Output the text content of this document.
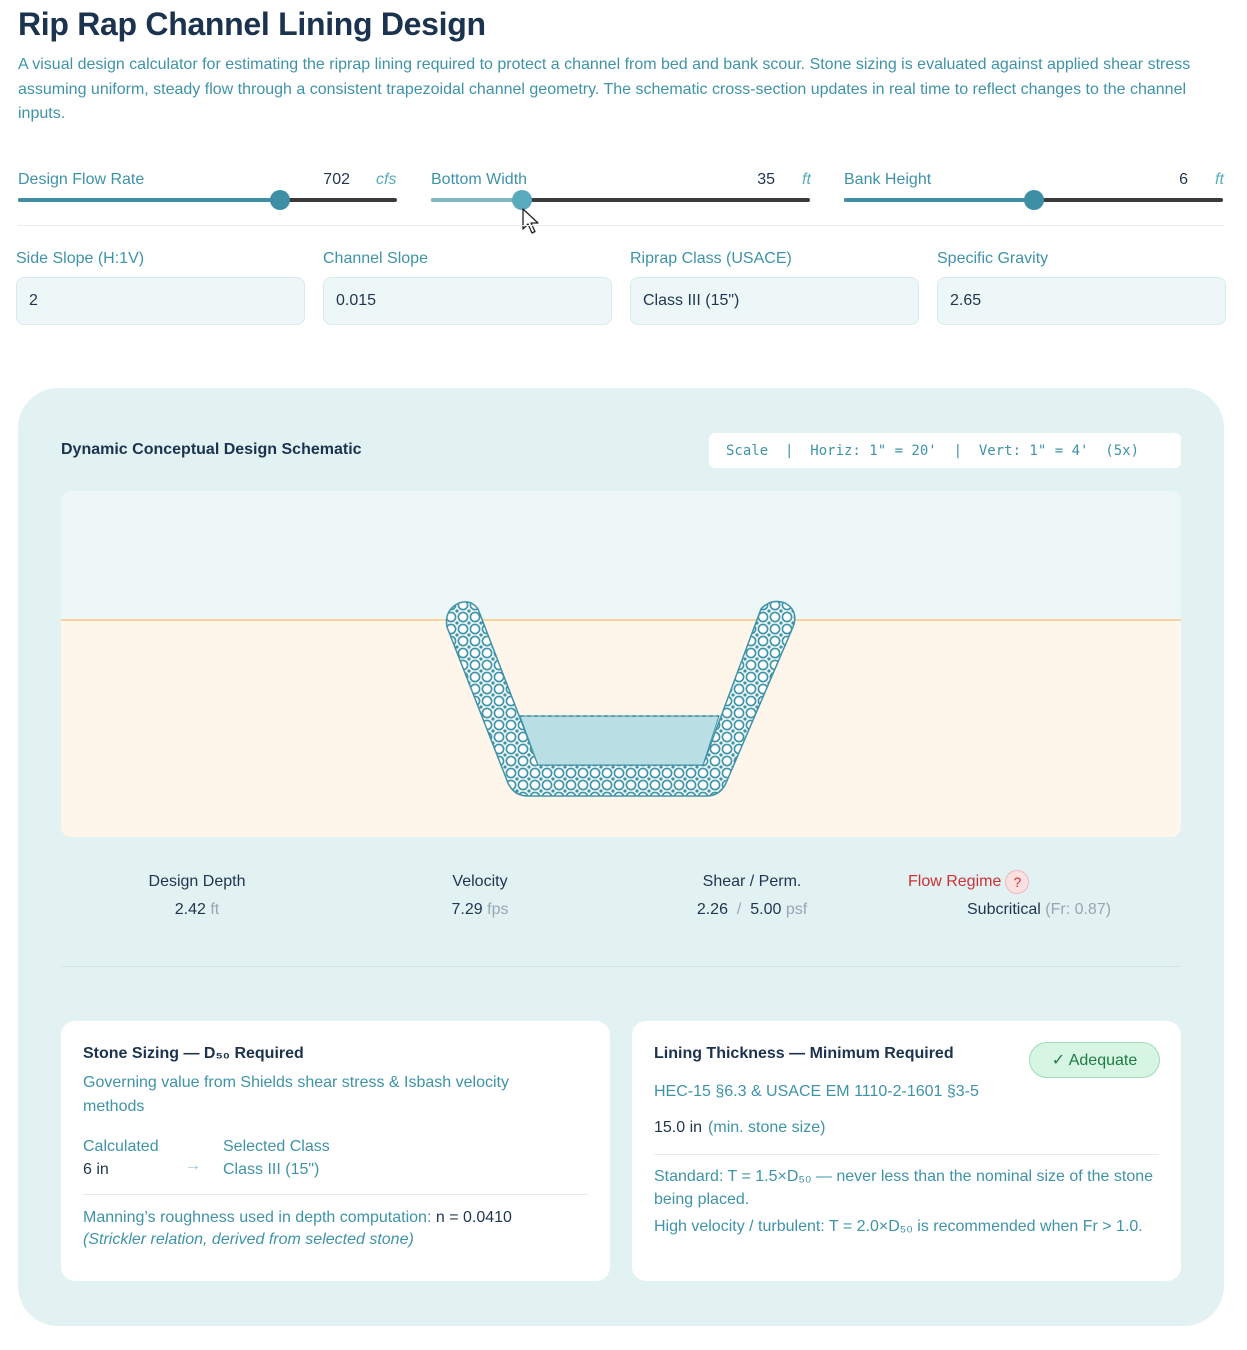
Rip Rap Channel Lining Design

A visual design calculator for estimating the riprap lining required to protect a channel from bed and bank scour. Stone sizing is evaluated against applied shear stress assuming uniform, steady flow through a consistent trapezoidal channel geometry. The schematic cross-section updates in real time to reflect changes to the channel inputs.

Design Flow Rate	702 cfs Bottom Width	35 ft Bank Height	6 ft
Side Slope (H:1V)
2
Channel Slope
0.015
Riprap Class (USACE)
Class III (15")
Specific Gravity
2.65
Dynamic Conceptual Design Schematic	Scale  |  Horiz: 1" = 20'  |  Vert: 1" = 4'  (5x)
Design Depth
2.42 ft
Velocity
7.29 fps
Shear / Perm.
2.26 / 5.00 psf
Flow Regime ?
Subcritical (Fr: 0.87)
Stone Sizing — D₅₀ Required
Governing value from Shields shear stress & Isbash velocity methods
Calculated
6 in	→
Selected Class
Class III (15")
Manning’s roughness used in depth computation: n = 0.0410
(Strickler relation, derived from selected stone)
Lining Thickness — Minimum Required	✓ Adequate
HEC-15 §6.3 & USACE EM 1110-2-1601 §3-5
15.0 in (min. stone size)
Standard: T = 1.5×D₅₀ — never less than the nominal size of the stone being placed.
High velocity / turbulent: T = 2.0×D₅₀ is recommended when Fr > 1.0.
